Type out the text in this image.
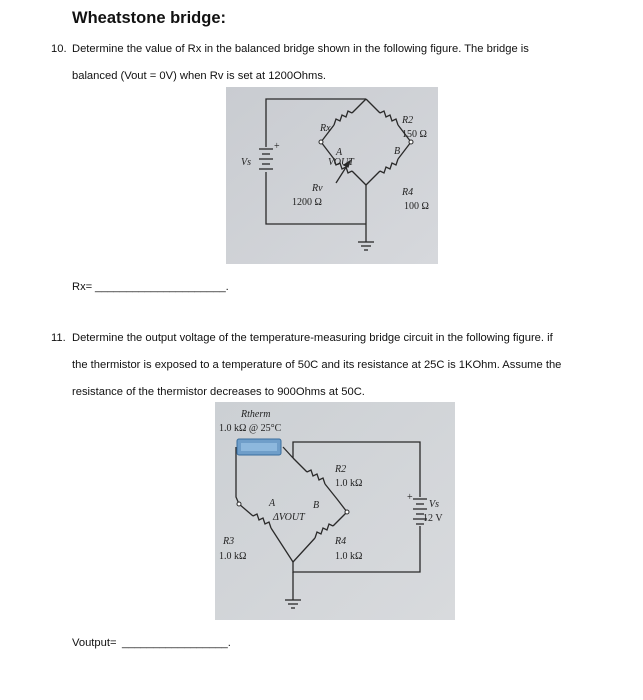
Wheatstone bridge:
10. Determine the value of Rx in the balanced bridge shown in the following figure. The bridge is
balanced (Vout = 0V) when Rv is set at 1200Ohms.
+
Vs
Rx
R2
150 Ω
A	B
VOUT
Rv
1200 Ω
R4
100 Ω
Rx= _____________________.
11. Determine the output voltage of the temperature-measuring bridge circuit in the following figure. if
the thermistor is exposed to a temperature of 50C and its resistance at 25C is 1KOhm. Assume the
resistance of the thermistor decreases to 900Ohms at 50C.
Rtherm
1.0 kΩ @ 25°C
R2
1.0 kΩ
A	B
ΔVOUT
R3
1.0 kΩ
R4
1.0 kΩ
+
Vs
12 V
Voutput= _________________.
